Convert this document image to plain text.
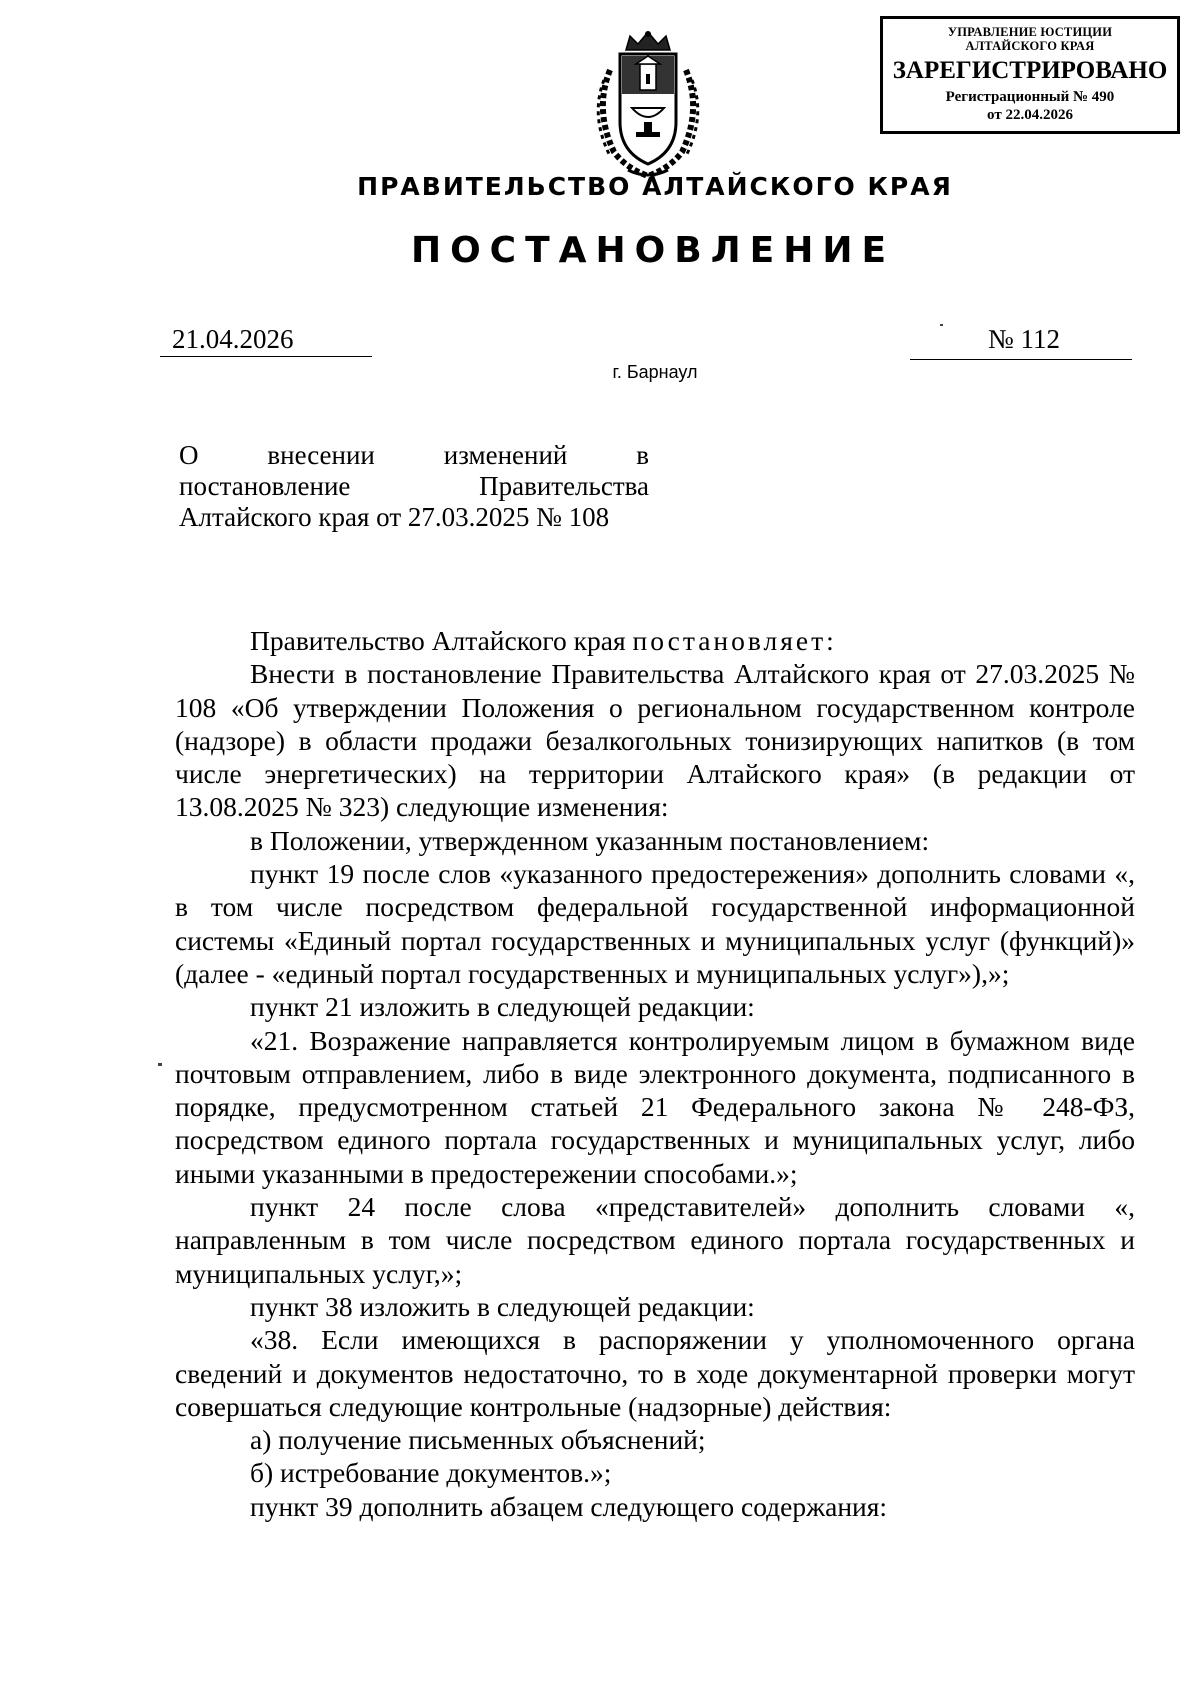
УПРАВЛЕНИЕ ЮСТИЦИИ
АЛТАЙСКОГО КРАЯ
ЗАРЕГИСТРИРОВАНО
Регистрационный № 490
от 22.04.2026
ПРАВИТЕЛЬСТВО АЛТАЙСКОГО КРАЯ
ПОСТАНОВЛЕНИЕ
21.04.2026	№ 112
г. Барнаул
О внесении изменений в
постановление Правительства
Алтайского края от 27.03.2025 № 108

Правительство Алтайского края постановляет:

Внести в постановление Правительства Алтайского края от 27.03.2025 № 108 «Об утверждении Положения о региональном государственном контроле (надзоре) в области продажи безалкогольных тонизирующих напитков (в том числе энергетических) на территории Алтайского края» (в редакции от 13.08.2025 № 323) следующие изменения:

в Положении, утвержденном указанным постановлением:

пункт 19 после слов «указанного предостережения» дополнить словами «, в том числе посредством федеральной государственной информационной системы «Единый портал государственных и муниципальных услуг (функций)» (далее - «единый портал государственных и муниципальных услуг»),»;

пункт 21 изложить в следующей редакции:

«21. Возражение направляется контролируемым лицом в бумажном виде почтовым отправлением, либо в виде электронного документа, подписанного в порядке, предусмотренном статьей 21 Федерального закона № 248-ФЗ, посредством единого портала государственных и муниципальных услуг, либо иными указанными в предостережении способами.»;

пункт 24 после слова «представителей» дополнить словами «, направленным в том числе посредством единого портала государственных и муниципальных услуг,»;

пункт 38 изложить в следующей редакции:

«38. Если имеющихся в распоряжении у уполномоченного органа сведений и документов недостаточно, то в ходе документарной проверки могут совершаться следующие контрольные (надзорные) действия:

а) получение письменных объяснений;

б) истребование документов.»;

пункт 39 дополнить абзацем следующего содержания:
